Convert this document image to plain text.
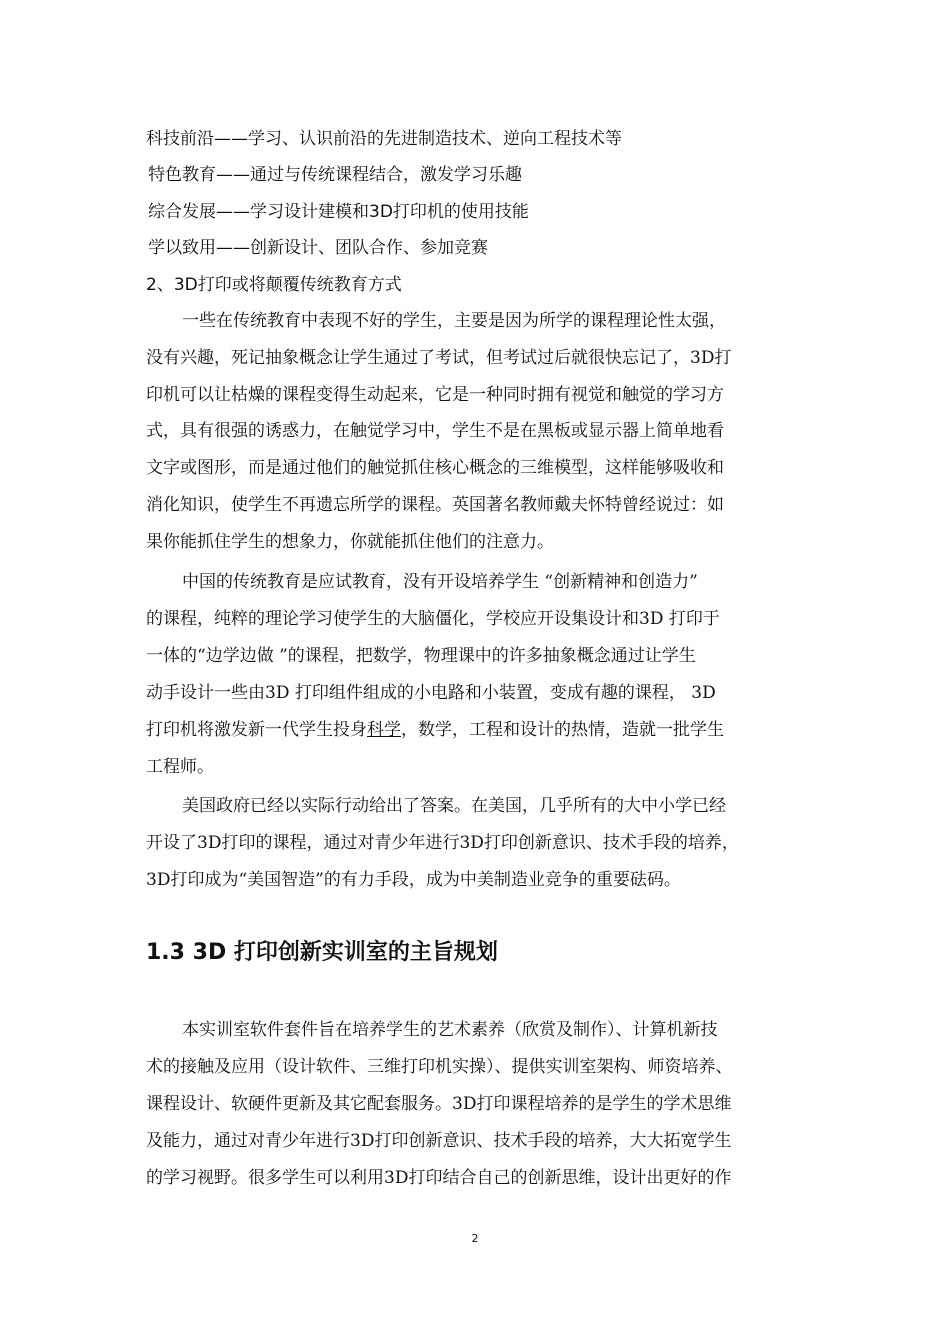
科技前沿——学习、认识前沿的先进制造技术、逆向工程技术等
特色教育——通过与传统课程结合，激发学习乐趣
综合发展——学习设计建模和3D打印机的使用技能
学以致用——创新设计、团队合作、参加竞赛
2、3D打印或将颠覆传统教育方式
一些在传统教育中表现不好的学生，主要是因为所学的课程理论性太强，
没有兴趣，死记抽象概念让学生通过了考试，但考试过后就很快忘记了，3D打
印机可以让枯燥的课程变得生动起来，它是一种同时拥有视觉和触觉的学习方
式，具有很强的诱惑力，在触觉学习中，学生不是在黑板或显示器上简单地看
文字或图形，而是通过他们的触觉抓住核心概念的三维模型，这样能够吸收和
消化知识，使学生不再遗忘所学的课程。英国著名教师戴夫怀特曾经说过：如
果你能抓住学生的想象力，你就能抓住他们的注意力。
中国的传统教育是应试教育，没有开设培养学生 “创新精神和创造力”
的课程，纯粹的理论学习使学生的大脑僵化，学校应开设集设计和3D 打印于
一体的“边学边做 ”的课程，把数学，物理课中的许多抽象概念通过让学生
动手设计一些由3D 打印组件组成的小电路和小装置，变成有趣的课程， 3D
打印机将激发新一代学生投身科学，数学，工程和设计的热情，造就一批学生
工程师。
美国政府已经以实际行动给出了答案。在美国，几乎所有的大中小学已经
开设了3D打印的课程，通过对青少年进行3D打印创新意识、技术手段的培养，
3D打印成为“美国智造”的有力手段，成为中美制造业竞争的重要砝码。
1.3 3D 打印创新实训室的主旨规划
本实训室软件套件旨在培养学生的艺术素养（欣赏及制作）、计算机新技
术的接触及应用（设计软件、三维打印机实操）、提供实训室架构、师资培养、
课程设计、软硬件更新及其它配套服务。3D打印课程培养的是学生的学术思维
及能力，通过对青少年进行3D打印创新意识、技术手段的培养，大大拓宽学生
的学习视野。很多学生可以利用3D打印结合自己的创新思维，设计出更好的作
2
